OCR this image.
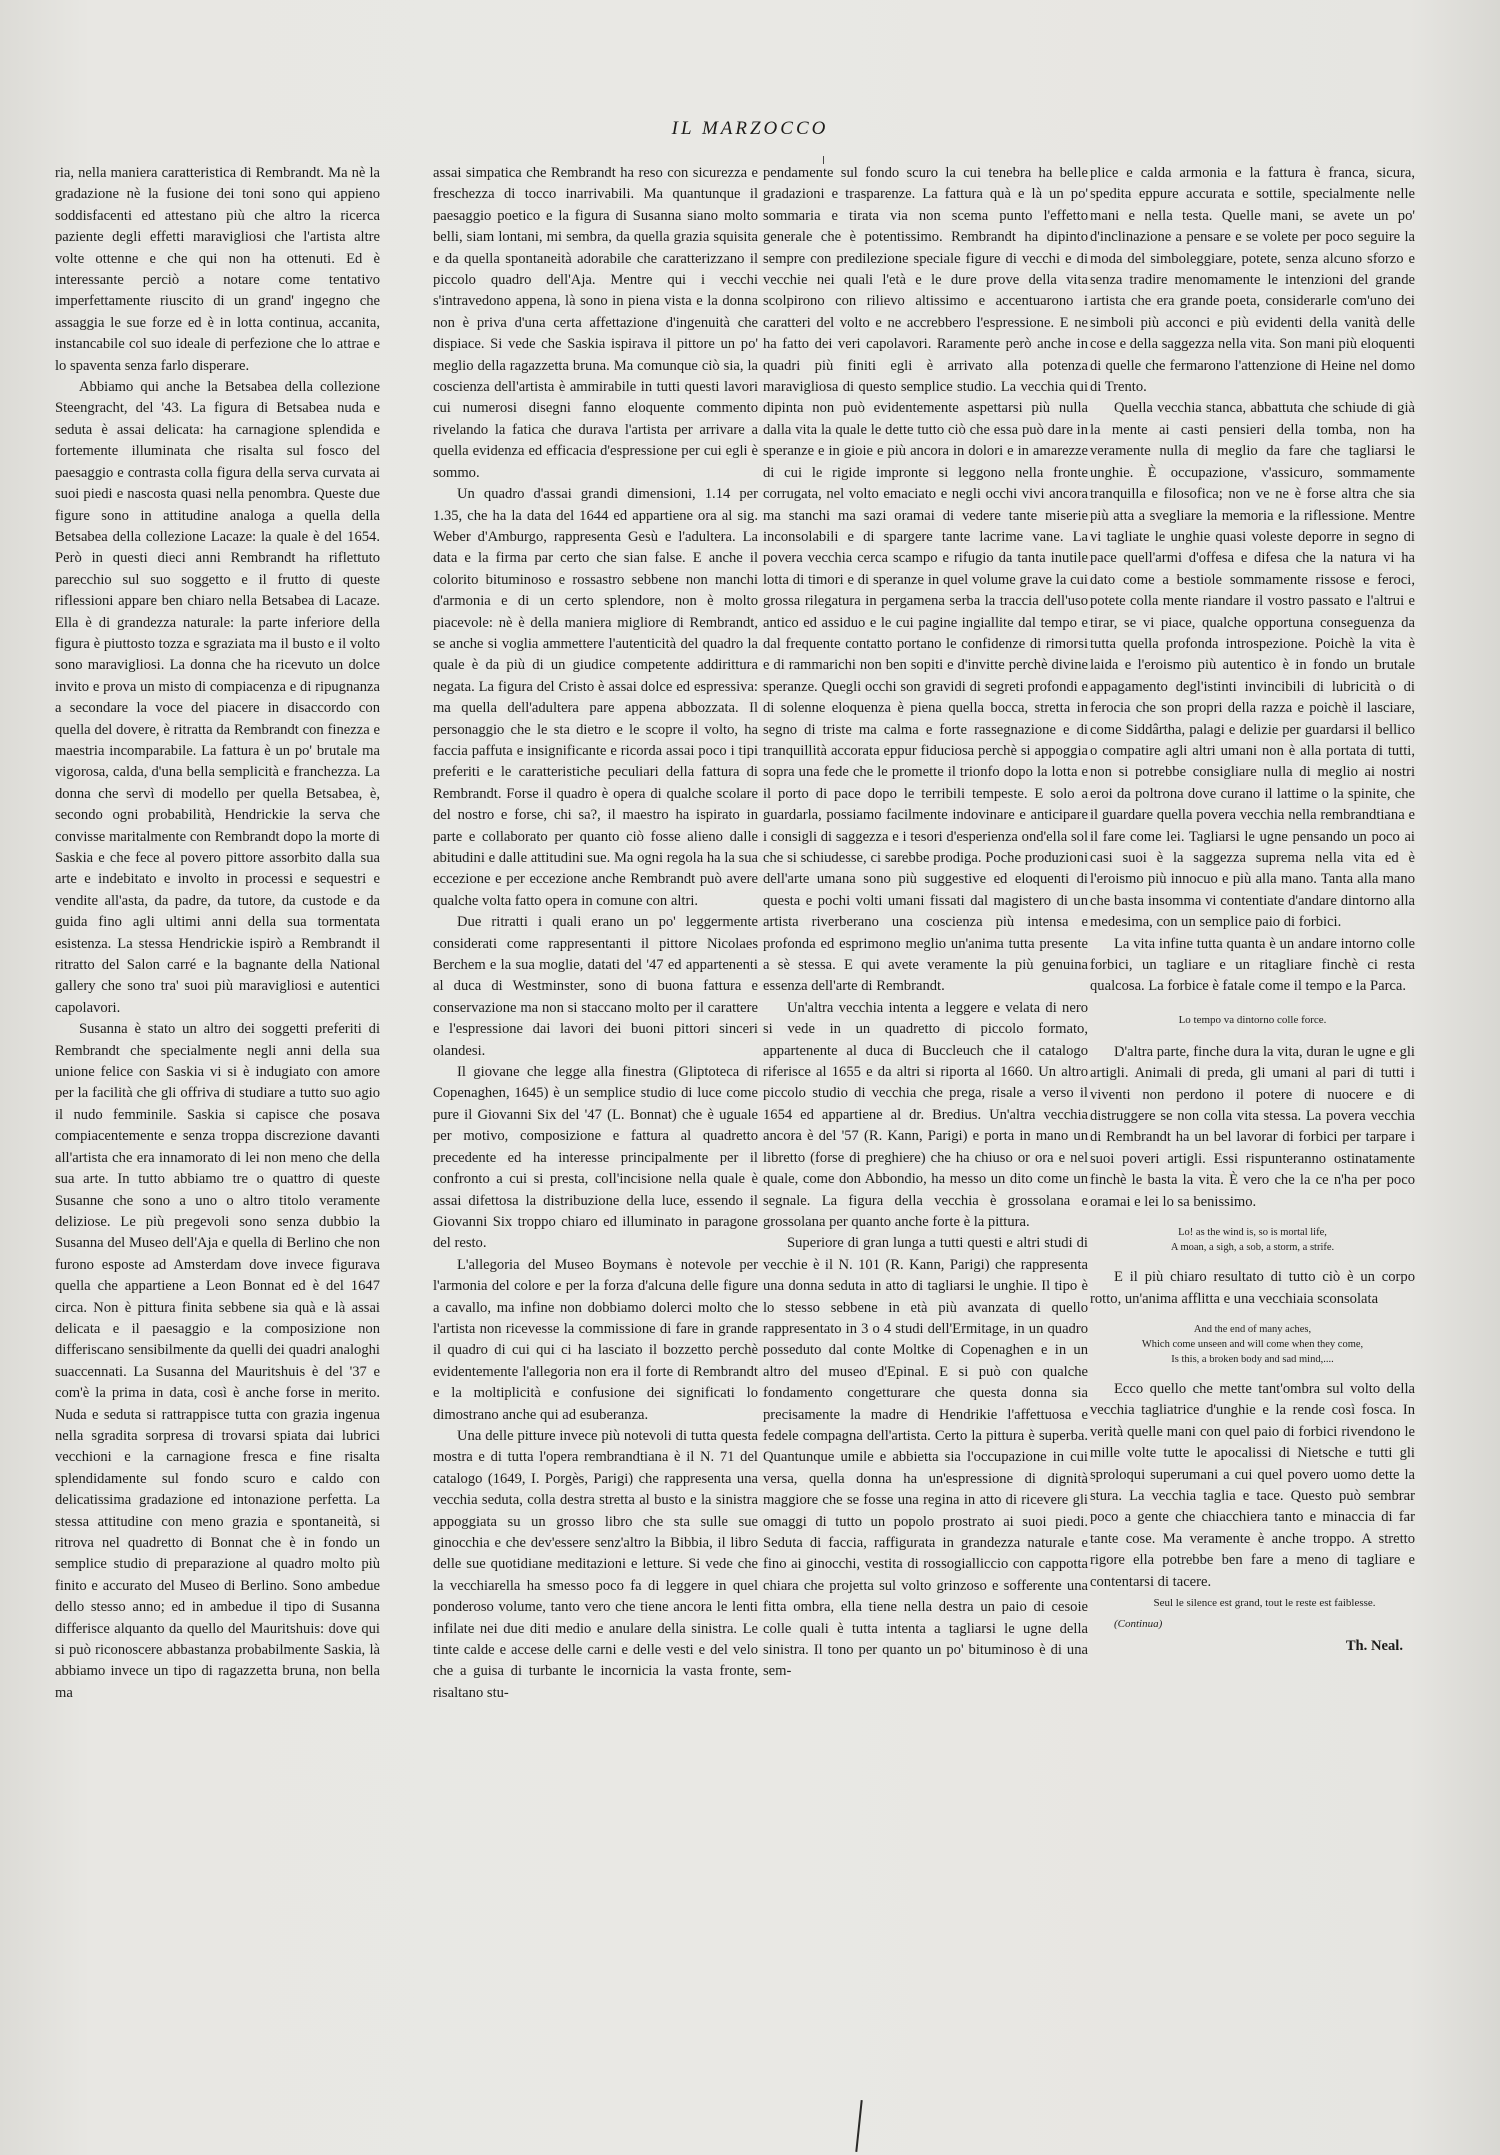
IL MARZOCCO

ria, nella maniera caratteristica di Rembrandt. Ma nè la gradazione nè la fusione dei toni sono qui appieno soddisfacenti ed attestano più che altro la ricerca paziente degli effetti maravigliosi che l'artista altre volte ottenne e che qui non ha ottenuti. Ed è interessante perciò a notare come tentativo imperfettamente riuscito di un grand' ingegno che assaggia le sue forze ed è in lotta continua, accanita, instancabile col suo ideale di perfezione che lo attrae e lo spaventa senza farlo disperare.

Abbiamo qui anche la Betsabea della collezione Steengracht, del '43. La figura di Betsabea nuda e seduta è assai delicata: ha carnagione splendida e fortemente illuminata che risalta sul fosco del paesaggio e contrasta colla figura della serva curvata ai suoi piedi e nascosta quasi nella penombra. Queste due figure sono in attitudine analoga a quella della Betsabea della collezione Lacaze: la quale è del 1654. Però in questi dieci anni Rembrandt ha riflettuto parecchio sul suo soggetto e il frutto di queste riflessioni appare ben chiaro nella Betsabea di Lacaze. Ella è di grandezza naturale: la parte inferiore della figura è piuttosto tozza e sgraziata ma il busto e il volto sono maravigliosi. La donna che ha ricevuto un dolce invito e prova un misto di compiacenza e di ripugnanza a secondare la voce del piacere in disaccordo con quella del dovere, è ritratta da Rembrandt con finezza e maestria incomparabile. La fattura è un po' brutale ma vigorosa, calda, d'una bella semplicità e franchezza. La donna che servì di modello per quella Betsabea, è, secondo ogni probabilità, Hendrickie la serva che convisse maritalmente con Rembrandt dopo la morte di Saskia e che fece al povero pittore assorbito dalla sua arte e indebitato e involto in processi e sequestri e vendite all'asta, da padre, da tutore, da custode e da guida fino agli ultimi anni della sua tormentata esistenza. La stessa Hendrickie ispirò a Rembrandt il ritratto del Salon carré e la bagnante della National gallery che sono tra' suoi più maravigliosi e autentici capolavori.

Susanna è stato un altro dei soggetti preferiti di Rembrandt che specialmente negli anni della sua unione felice con Saskia vi si è indugiato con amore per la facilità che gli offriva di studiare a tutto suo agio il nudo femminile. Saskia si capisce che posava compiacentemente e senza troppa discrezione davanti all'artista che era innamorato di lei non meno che della sua arte. In tutto abbiamo tre o quattro di queste Susanne che sono a uno o altro titolo veramente deliziose. Le più pregevoli sono senza dubbio la Susanna del Museo dell'Aja e quella di Berlino che non furono esposte ad Amsterdam dove invece figurava quella che appartiene a Leon Bonnat ed è del 1647 circa. Non è pittura finita sebbene sia quà e là assai delicata e il paesaggio e la composizione non differiscano sensibilmente da quelli dei quadri analoghi suaccennati. La Susanna del Mauritshuis è del '37 e com'è la prima in data, così è anche forse in merito. Nuda e seduta si rattrappisce tutta con grazia ingenua nella sgradita sorpresa di trovarsi spiata dai lubrici vecchioni e la carnagione fresca e fine risalta splendidamente sul fondo scuro e caldo con delicatissima gradazione ed intonazione perfetta. La stessa attitudine con meno grazia e spontaneità, si ritrova nel quadretto di Bonnat che è in fondo un semplice studio di preparazione al quadro molto più finito e accurato del Museo di Berlino. Sono ambedue dello stesso anno; ed in ambedue il tipo di Susanna differisce alquanto da quello del Mauritshuis: dove qui si può riconoscere abbastanza probabilmente Saskia, là abbiamo invece un tipo di ragazzetta bruna, non bella ma

assai simpatica che Rembrandt ha reso con sicurezza e freschezza di tocco inarrivabili. Ma quantunque il paesaggio poetico e la figura di Susanna siano molto belli, siam lontani, mi sembra, da quella grazia squisita e da quella spontaneità adorabile che caratterizzano il piccolo quadro dell'Aja. Mentre qui i vecchi s'intravedono appena, là sono in piena vista e la donna non è priva d'una certa affettazione d'ingenuità che dispiace. Si vede che Saskia ispirava il pittore un po' meglio della ragazzetta bruna. Ma comunque ciò sia, la coscienza dell'artista è ammirabile in tutti questi lavori cui numerosi disegni fanno eloquente commento rivelando la fatica che durava l'artista per arrivare a quella evidenza ed efficacia d'espressione per cui egli è sommo.

Un quadro d'assai grandi dimensioni, 1.14 per 1.35, che ha la data del 1644 ed appartiene ora al sig. Weber d'Amburgo, rappresenta Gesù e l'adultera. La data e la firma par certo che sian false. E anche il colorito bituminoso e rossastro sebbene non manchi d'armonia e di un certo splendore, non è molto piacevole: nè è della maniera migliore di Rembrandt, se anche si voglia ammettere l'autenticità del quadro la quale è da più di un giudice competente addirittura negata. La figura del Cristo è assai dolce ed espressiva: ma quella dell'adultera pare appena abbozzata. Il personaggio che le sta dietro e le scopre il volto, ha faccia paffuta e insignificante e ricorda assai poco i tipi preferiti e le caratteristiche peculiari della fattura di Rembrandt. Forse il quadro è opera di qualche scolare del nostro e forse, chi sa?, il maestro ha ispirato in parte e collaborato per quanto ciò fosse alieno dalle abitudini e dalle attitudini sue. Ma ogni regola ha la sua eccezione e per eccezione anche Rembrandt può avere qualche volta fatto opera in comune con altri.

Due ritratti i quali erano un po' leggermente considerati come rappresentanti il pittore Nicolaes Berchem e la sua moglie, datati del '47 ed appartenenti al duca di Westminster, sono di buona fattura e conservazione ma non si staccano molto per il carattere e l'espressione dai lavori dei buoni pittori sinceri olandesi.

Il giovane che legge alla finestra (Gliptoteca di Copenaghen, 1645) è un semplice studio di luce come pure il Giovanni Six del '47 (L. Bonnat) che è uguale per motivo, composizione e fattura al quadretto precedente ed ha interesse principalmente per il confronto a cui si presta, coll'incisione nella quale è assai difettosa la distribuzione della luce, essendo il Giovanni Six troppo chiaro ed illuminato in paragone del resto.

L'allegoria del Museo Boymans è notevole per l'armonia del colore e per la forza d'alcuna delle figure a cavallo, ma infine non dobbiamo dolerci molto che l'artista non ricevesse la commissione di fare in grande il quadro di cui qui ci ha lasciato il bozzetto perchè evidentemente l'allegoria non era il forte di Rembrandt e la moltiplicità e confusione dei significati lo dimostrano anche qui ad esuberanza.

Una delle pitture invece più notevoli di tutta questa mostra e di tutta l'opera rembrandtiana è il N. 71 del catalogo (1649, I. Porgès, Parigi) che rappresenta una vecchia seduta, colla destra stretta al busto e la sinistra appoggiata su un grosso libro che sta sulle sue ginocchia e che dev'essere senz'altro la Bibbia, il libro delle sue quotidiane meditazioni e letture. Si vede che la vecchiarella ha smesso poco fa di leggere in quel ponderoso volume, tanto vero che tiene ancora le lenti infilate nei due diti medio e anulare della sinistra. Le tinte calde e accese delle carni e delle vesti e del velo che a guisa di turbante le incornicia la vasta fronte, risaltano stu-

pendamente sul fondo scuro la cui tenebra ha belle gradazioni e trasparenze. La fattura quà e là un po' sommaria e tirata via non scema punto l'effetto generale che è potentissimo. Rembrandt ha dipinto sempre con predilezione speciale figure di vecchi e di vecchie nei quali l'età e le dure prove della vita scolpirono con rilievo altissimo e accentuarono i caratteri del volto e ne accrebbero l'espressione. E ne ha fatto dei veri capolavori. Raramente però anche in quadri più finiti egli è arrivato alla potenza maravigliosa di questo semplice studio. La vecchia qui dipinta non può evidentemente aspettarsi più nulla dalla vita la quale le dette tutto ciò che essa può dare in speranze e in gioie e più ancora in dolori e in amarezze di cui le rigide impronte si leggono nella fronte corrugata, nel volto emaciato e negli occhi vivi ancora ma stanchi ma sazi oramai di vedere tante miserie inconsolabili e di spargere tante lacrime vane. La povera vecchia cerca scampo e rifugio da tanta inutile lotta di timori e di speranze in quel volume grave la cui grossa rilegatura in pergamena serba la traccia dell'uso antico ed assiduo e le cui pagine ingiallite dal tempo e dal frequente contatto portano le confidenze di rimorsi e di rammarichi non ben sopiti e d'invitte perchè divine speranze. Quegli occhi son gravidi di segreti profondi e di solenne eloquenza è piena quella bocca, stretta in segno di triste ma calma e forte rassegnazione e di tranquillità accorata eppur fiduciosa perchè si appoggia sopra una fede che le promette il trionfo dopo la lotta e il porto di pace dopo le terribili tempeste. E solo a guardarla, possiamo facilmente indovinare e anticipare i consigli di saggezza e i tesori d'esperienza ond'ella sol che si schiudesse, ci sarebbe prodiga. Poche produzioni dell'arte umana sono più suggestive ed eloquenti di questa e pochi volti umani fissati dal magistero di un artista riverberano una coscienza più intensa e profonda ed esprimono meglio un'anima tutta presente a sè stessa. E qui avete veramente la più genuina essenza dell'arte di Rembrandt.

Un'altra vecchia intenta a leggere e velata di nero si vede in un quadretto di piccolo formato, appartenente al duca di Buccleuch che il catalogo riferisce al 1655 e da altri si riporta al 1660. Un altro piccolo studio di vecchia che prega, risale a verso il 1654 ed appartiene al dr. Bredius. Un'altra vecchia ancora è del '57 (R. Kann, Parigi) e porta in mano un libretto (forse di preghiere) che ha chiuso or ora e nel quale, come don Abbondio, ha messo un dito come un segnale. La figura della vecchia è grossolana e grossolana per quanto anche forte è la pittura.

Superiore di gran lunga a tutti questi e altri studi di vecchie è il N. 101 (R. Kann, Parigi) che rappresenta una donna seduta in atto di tagliarsi le unghie. Il tipo è lo stesso sebbene in età più avanzata di quello rappresentato in 3 o 4 studi dell'Ermitage, in un quadro posseduto dal conte Moltke di Copenaghen e in un altro del museo d'Epinal. E si può con qualche fondamento congetturare che questa donna sia precisamente la madre di Hendrikie l'affettuosa e fedele compagna dell'artista. Certo la pittura è superba. Quantunque umile e abbietta sia l'occupazione in cui versa, quella donna ha un'espressione di dignità maggiore che se fosse una regina in atto di ricevere gli omaggi di tutto un popolo prostrato ai suoi piedi. Seduta di faccia, raffigurata in grandezza naturale e fino ai ginocchi, vestita di rossogialliccio con cappotta chiara che projetta sul volto grinzoso e sofferente una fitta ombra, ella tiene nella destra un paio di cesoie colle quali è tutta intenta a tagliarsi le ugne della sinistra. Il tono per quanto un po' bituminoso è di una sem-

plice e calda armonia e la fattura è franca, sicura, spedita eppure accurata e sottile, specialmente nelle mani e nella testa. Quelle mani, se avete un po' d'inclinazione a pensare e se volete per poco seguire la moda del simboleggiare, potete, senza alcuno sforzo e senza tradire menomamente le intenzioni del grande artista che era grande poeta, considerarle com'uno dei simboli più acconci e più evidenti della vanità delle cose e della saggezza nella vita. Son mani più eloquenti di quelle che fermarono l'attenzione di Heine nel domo di Trento.

Quella vecchia stanca, abbattuta che schiude di già la mente ai casti pensieri della tomba, non ha veramente nulla di meglio da fare che tagliarsi le unghie. È occupazione, v'assicuro, sommamente tranquilla e filosofica; non ve ne è forse altra che sia più atta a svegliare la memoria e la riflessione. Mentre vi tagliate le unghie quasi voleste deporre in segno di pace quell'armi d'offesa e difesa che la natura vi ha dato come a bestiole sommamente rissose e feroci, potete colla mente riandare il vostro passato e l'altrui e tirar, se vi piace, qualche opportuna conseguenza da tutta quella profonda introspezione. Poichè la vita è laida e l'eroismo più autentico è in fondo un brutale appagamento degl'istinti invincibili di lubricità o di ferocia che son propri della razza e poichè il lasciare, come Siddârtha, palagi e delizie per guardarsi il bellico o compatire agli altri umani non è alla portata di tutti, non si potrebbe consigliare nulla di meglio ai nostri eroi da poltrona dove curano il lattime o la spinite, che il guardare quella povera vecchia nella rembrandtiana e il fare come lei. Tagliarsi le ugne pensando un poco ai casi suoi è la saggezza suprema nella vita ed è l'eroismo più innocuo e più alla mano. Tanta alla mano che basta insomma vi contentiate d'andare dintorno alla medesima, con un semplice paio di forbici.

La vita infine tutta quanta è un andare intorno colle forbici, un tagliare e un ritagliare finchè ci resta qualcosa. La forbice è fatale come il tempo e la Parca.

Lo tempo va dintorno colle force.

D'altra parte, finche dura la vita, duran le ugne e gli artigli. Animali di preda, gli umani al pari di tutti i viventi non perdono il potere di nuocere e di distruggere se non colla vita stessa. La povera vecchia di Rembrandt ha un bel lavorar di forbici per tarpare i suoi poveri artigli. Essi rispunteranno ostinatamente finchè le basta la vita. È vero che la ce n'ha per poco oramai e lei lo sa benissimo.

Lo! as the wind is, so is mortal life,
A moan, a sigh, a sob, a storm, a strife.

E il più chiaro resultato di tutto ciò è un corpo rotto, un'anima afflitta e una vecchiaia sconsolata

And the end of many aches,
Which come unseen and will come when they come,
Is this, a broken body and sad mind,....

Ecco quello che mette tant'ombra sul volto della vecchia tagliatrice d'unghie e la rende così fosca. In verità quelle mani con quel paio di forbici rivendono le mille volte tutte le apocalissi di Nietsche e tutti gli sproloqui superumani a cui quel povero uomo dette la stura. La vecchia taglia e tace. Questo può sembrar poco a gente che chiacchiera tanto e minaccia di far tante cose. Ma veramente è anche troppo. A stretto rigore ella potrebbe ben fare a meno di tagliare e contentarsi di tacere.

Seul le silence est grand, tout le reste est faiblesse.

(Continua)

Th. Neal.
